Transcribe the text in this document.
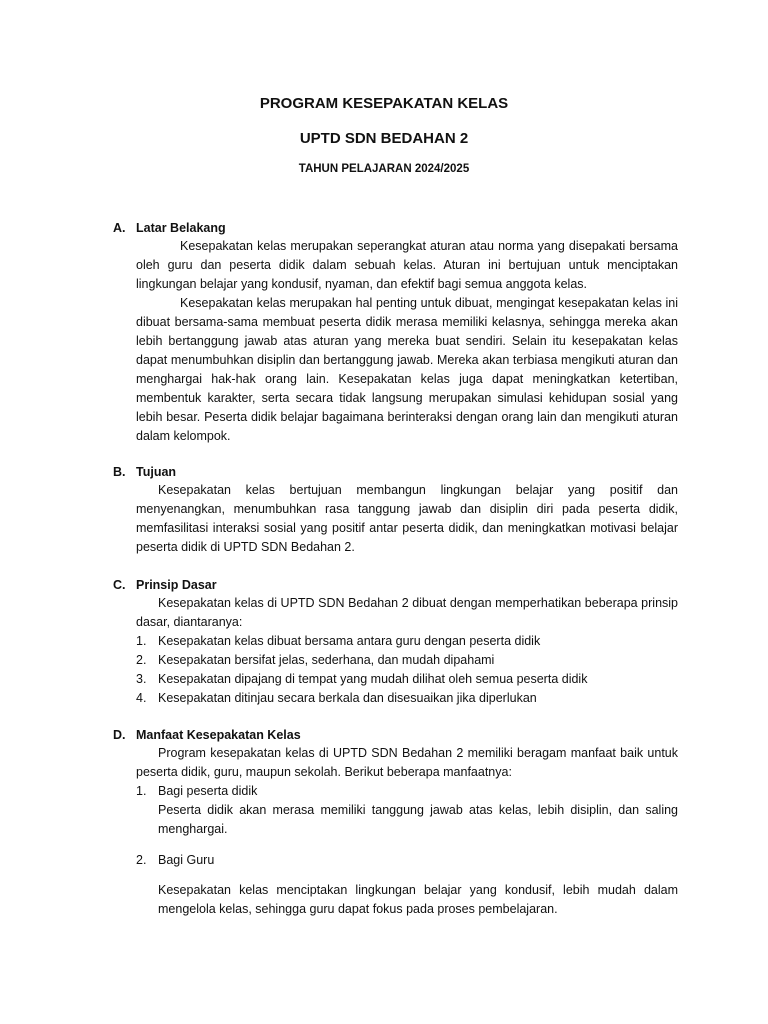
PROGRAM KESEPAKATAN KELAS

UPTD SDN BEDAHAN 2

TAHUN PELAJARAN 2024/2025

A. Latar Belakang

Kesepakatan kelas merupakan seperangkat aturan atau norma yang disepakati bersama oleh guru dan peserta didik dalam sebuah kelas. Aturan ini bertujuan untuk menciptakan lingkungan belajar yang kondusif, nyaman, dan efektif bagi semua anggota kelas.

Kesepakatan kelas merupakan hal penting untuk dibuat, mengingat kesepakatan kelas ini dibuat bersama-sama membuat peserta didik merasa memiliki kelasnya, sehingga mereka akan lebih bertanggung jawab atas aturan yang mereka buat sendiri. Selain itu kesepakatan kelas dapat menumbuhkan disiplin dan bertanggung jawab. Mereka akan terbiasa mengikuti aturan dan menghargai hak-hak orang lain. Kesepakatan kelas juga dapat meningkatkan ketertiban, membentuk karakter, serta secara tidak langsung merupakan simulasi kehidupan sosial yang lebih besar. Peserta didik belajar bagaimana berinteraksi dengan orang lain dan mengikuti aturan dalam kelompok.

B. Tujuan

Kesepakatan kelas bertujuan membangun lingkungan belajar yang positif dan menyenangkan, menumbuhkan rasa tanggung jawab dan disiplin diri pada peserta didik, memfasilitasi interaksi sosial yang positif antar peserta didik, dan meningkatkan motivasi belajar peserta didik di UPTD SDN Bedahan 2.

C. Prinsip Dasar

Kesepakatan kelas di UPTD SDN Bedahan 2 dibuat dengan memperhatikan beberapa prinsip dasar, diantaranya:

1. Kesepakatan kelas dibuat bersama antara guru dengan peserta didik
2. Kesepakatan bersifat jelas, sederhana, dan mudah dipahami
3. Kesepakatan dipajang di tempat yang mudah dilihat oleh semua peserta didik
4. Kesepakatan ditinjau secara berkala dan disesuaikan jika diperlukan
D. Manfaat Kesepakatan Kelas

Program kesepakatan kelas di UPTD SDN Bedahan 2 memiliki beragam manfaat baik untuk peserta didik, guru, maupun sekolah. Berikut beberapa manfaatnya:

1. Bagi peserta didik
Peserta didik akan merasa memiliki tanggung jawab atas kelas, lebih disiplin, dan saling menghargai.
2. Bagi Guru
Kesepakatan kelas menciptakan lingkungan belajar yang kondusif, lebih mudah dalam mengelola kelas, sehingga guru dapat fokus pada proses pembelajaran.
